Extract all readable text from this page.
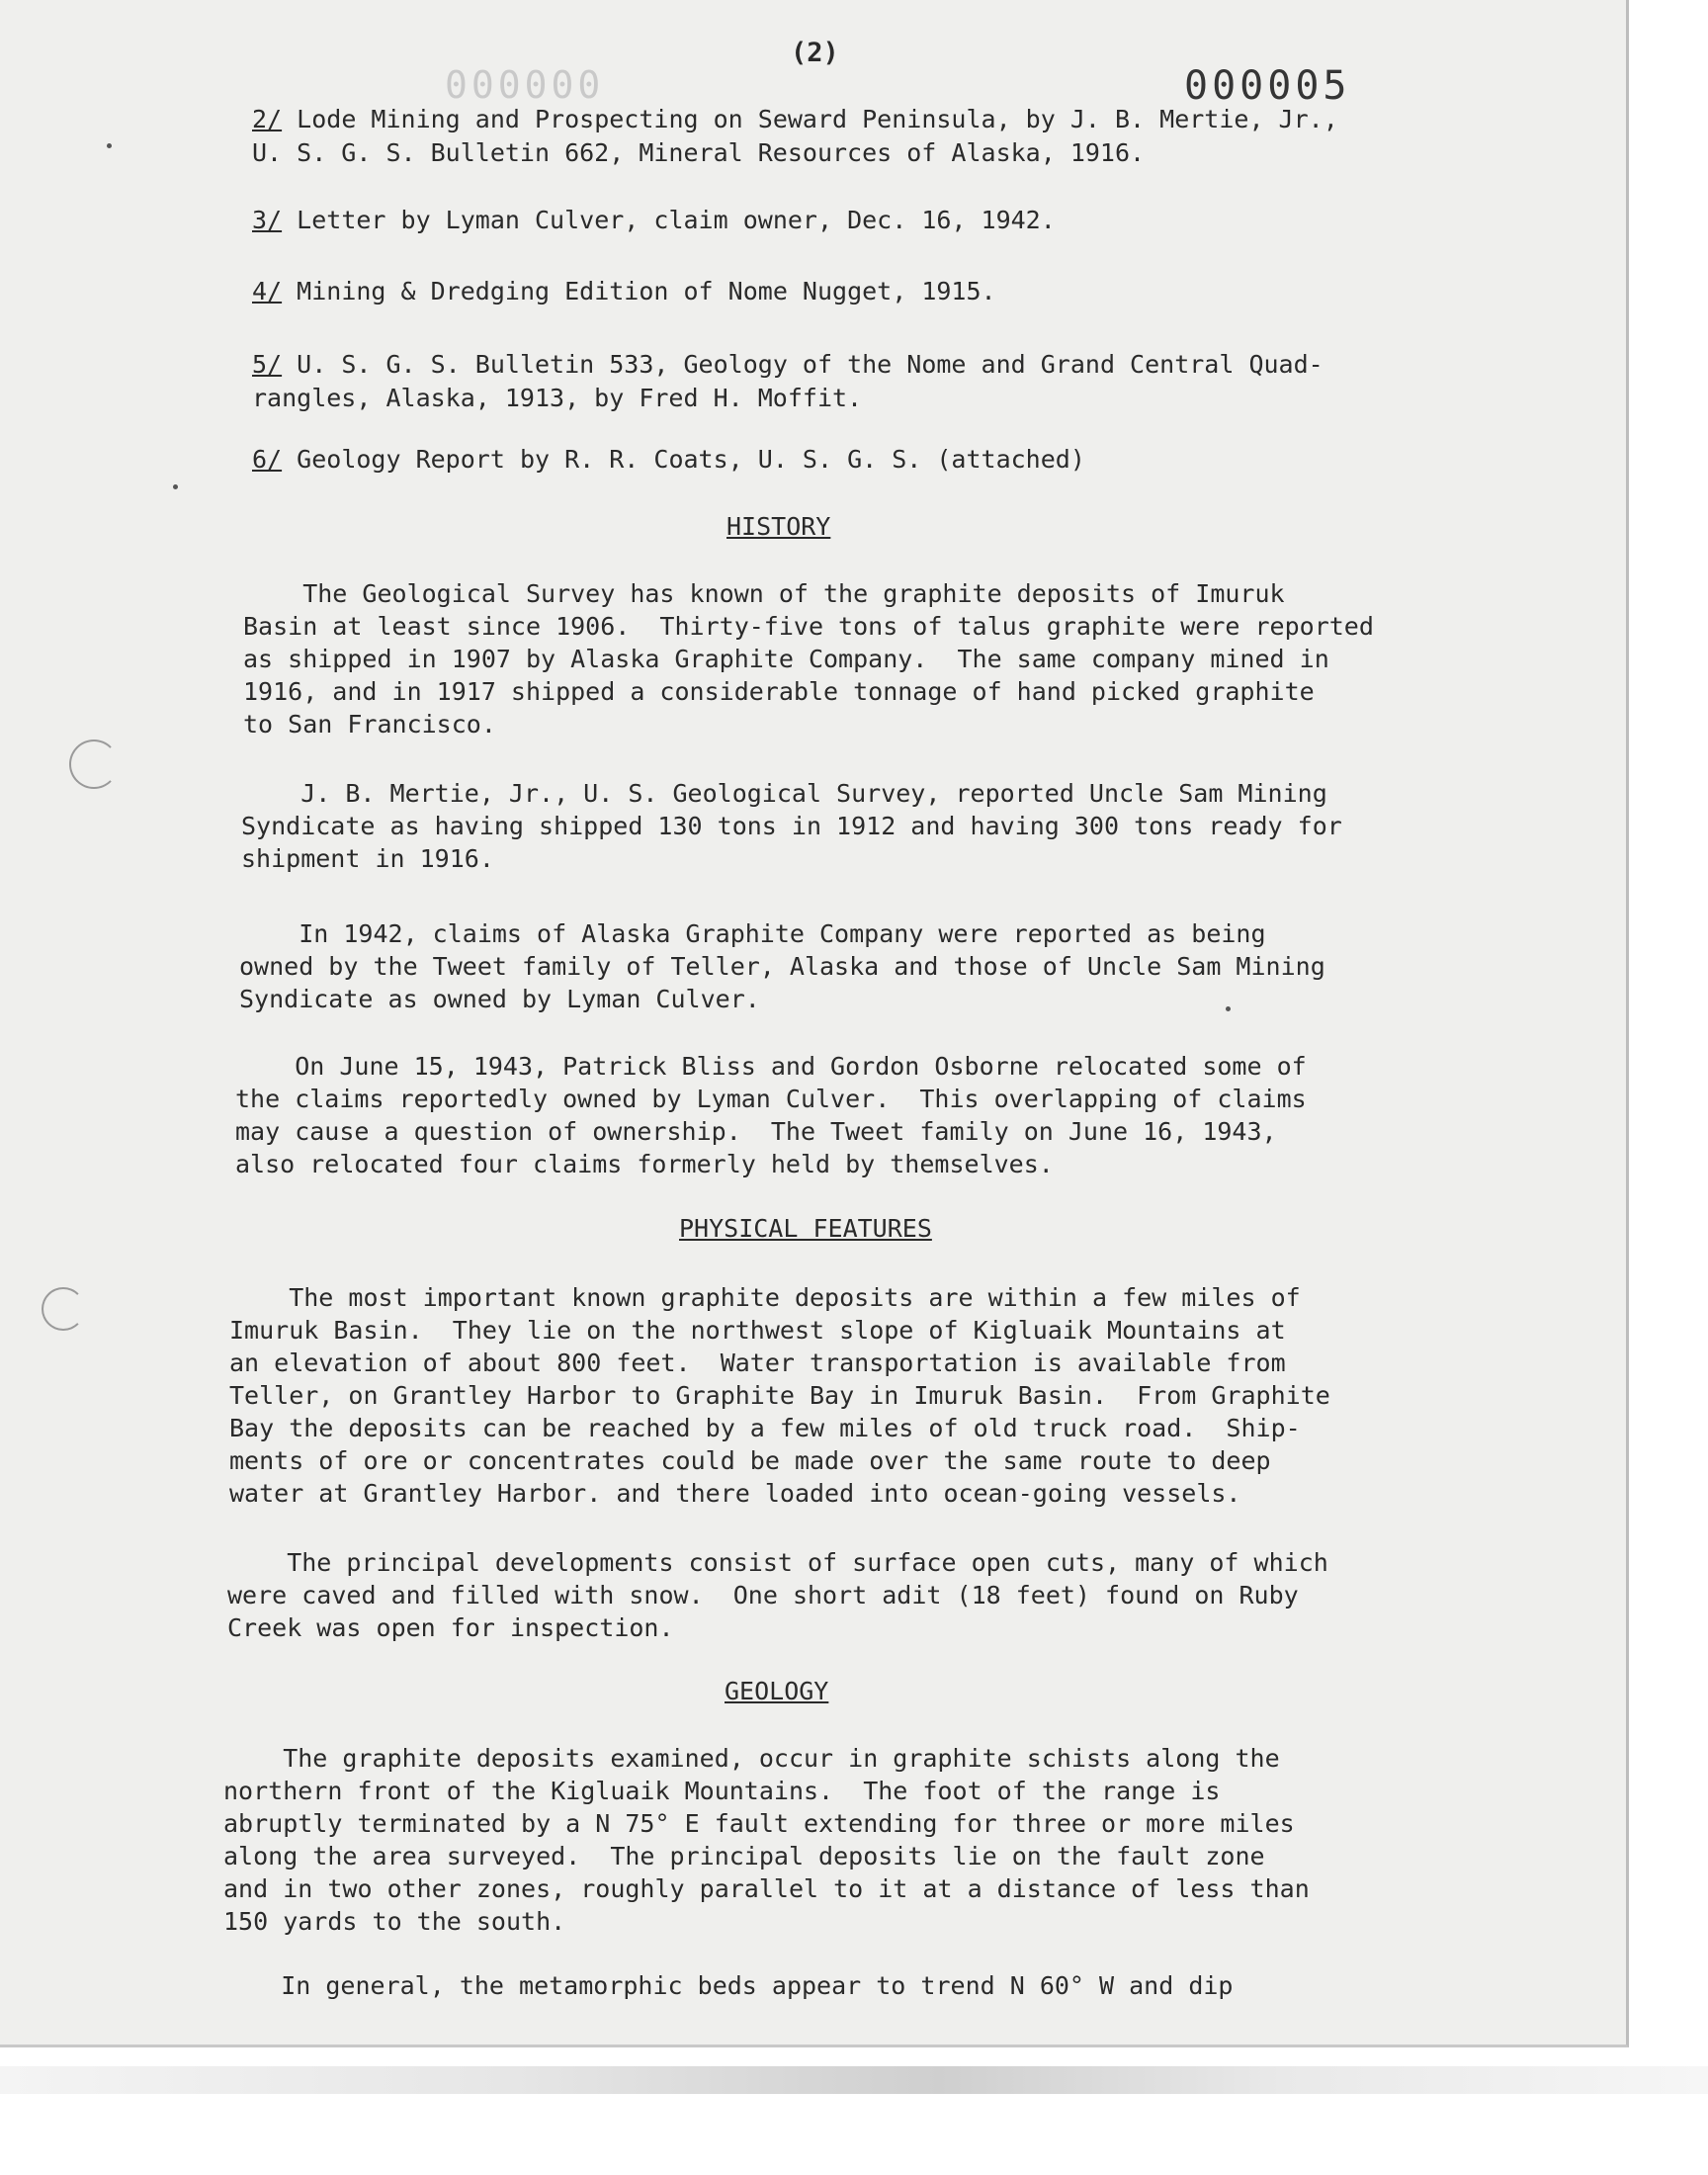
000000
(2)
000005
2/ Lode Mining and Prospecting on Seward Peninsula, by J. B. Mertie, Jr.,
U. S. G. S. Bulletin 662, Mineral Resources of Alaska, 1916.
3/ Letter by Lyman Culver, claim owner, Dec. 16, 1942.
4/ Mining & Dredging Edition of Nome Nugget, 1915.
5/ U. S. G. S. Bulletin 533, Geology of the Nome and Grand Central Quad-
rangles, Alaska, 1913, by Fred H. Moffit.
6/ Geology Report by R. R. Coats, U. S. G. S. (attached)
HISTORY
The Geological Survey has known of the graphite deposits of Imuruk
Basin at least since 1906.  Thirty-five tons of talus graphite were reported
as shipped in 1907 by Alaska Graphite Company.  The same company mined in
1916, and in 1917 shipped a considerable tonnage of hand picked graphite
to San Francisco.
J. B. Mertie, Jr., U. S. Geological Survey, reported Uncle Sam Mining
Syndicate as having shipped 130 tons in 1912 and having 300 tons ready for
shipment in 1916.
In 1942, claims of Alaska Graphite Company were reported as being
owned by the Tweet family of Teller, Alaska and those of Uncle Sam Mining
Syndicate as owned by Lyman Culver.
On June 15, 1943, Patrick Bliss and Gordon Osborne relocated some of
the claims reportedly owned by Lyman Culver.  This overlapping of claims
may cause a question of ownership.  The Tweet family on June 16, 1943,
also relocated four claims formerly held by themselves.
PHYSICAL FEATURES
The most important known graphite deposits are within a few miles of
Imuruk Basin.  They lie on the northwest slope of Kigluaik Mountains at
an elevation of about 800 feet.  Water transportation is available from
Teller, on Grantley Harbor to Graphite Bay in Imuruk Basin.  From Graphite
Bay the deposits can be reached by a few miles of old truck road.  Ship-
ments of ore or concentrates could be made over the same route to deep
water at Grantley Harbor. and there loaded into ocean-going vessels.
The principal developments consist of surface open cuts, many of which
were caved and filled with snow.  One short adit (18 feet) found on Ruby
Creek was open for inspection.
GEOLOGY
The graphite deposits examined, occur in graphite schists along the
northern front of the Kigluaik Mountains.  The foot of the range is
abruptly terminated by a N 75° E fault extending for three or more miles
along the area surveyed.  The principal deposits lie on the fault zone
and in two other zones, roughly parallel to it at a distance of less than
150 yards to the south.
In general, the metamorphic beds appear to trend N 60° W and dip
